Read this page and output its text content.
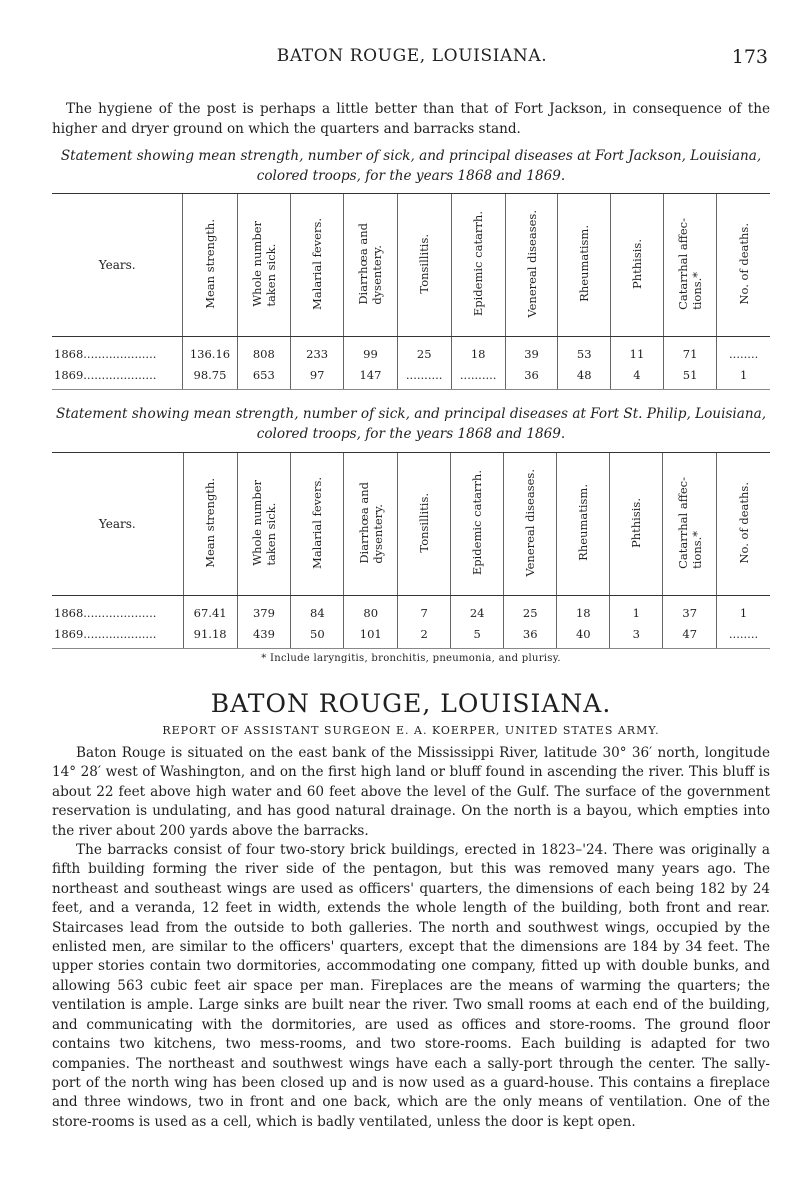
BATON ROUGE, LOUISIANA.	173
The hygiene of the post is perhaps a little better than that of Fort Jackson, in consequence of the higher and dryer ground on which the quarters and barracks stand.
Statement showing mean strength, number of sick, and principal diseases at Fort Jackson, Louisiana, colored troops, for the years 1868 and 1869.
Years.	Mean strength.	Whole number
taken sick.	Malarial fevers.	Diarrhœa and
dysentery.	Tonsillitis.	Epidemic catarrh.	Venereal diseases.	Rheumatism.	Phthisis.	Catarrhal affec-
tions.*	No. of deaths.
1868....................	136.16	808	233	99	25	18	39	53	11	71	........
1869....................	98.75	653	97	147	..........	..........	36	48	4	51	1
Statement showing mean strength, number of sick, and principal diseases at Fort St. Philip, Louisiana, colored troops, for the years 1868 and 1869.
Years.	Mean strength.	Whole number
taken sick.	Malarial fevers.	Diarrhœa and
dysentery.	Tonsillitis.	Epidemic catarrh.	Venereal diseases.	Rheumatism.	Phthisis.	Catarrhal affec-
tions.*	No. of deaths.
1868....................	67.41	379	84	80	7	24	25	18	1	37	1
1869....................	91.18	439	50	101	2	5	36	40	3	47	........
* Include laryngitis, bronchitis, pneumonia, and plurisy.
BATON ROUGE, LOUISIANA.
REPORT OF ASSISTANT SURGEON E. A. KOERPER, UNITED STATES ARMY.

Baton Rouge is situated on the east bank of the Mississippi River, latitude 30° 36′ north, longitude 14° 28′ west of Washington, and on the first high land or bluff found in ascending the river. This bluff is about 22 feet above high water and 60 feet above the level of the Gulf. The surface of the government reservation is undulating, and has good natural drainage. On the north is a bayou, which empties into the river about 200 yards above the barracks.

The barracks consist of four two-story brick buildings, erected in 1823–'24. There was originally a fifth building forming the river side of the pentagon, but this was removed many years ago. The northeast and southeast wings are used as officers' quarters, the dimensions of each being 182 by 24 feet, and a veranda, 12 feet in width, extends the whole length of the building, both front and rear. Staircases lead from the outside to both galleries. The north and southwest wings, occupied by the enlisted men, are similar to the officers' quarters, except that the dimensions are 184 by 34 feet. The upper stories contain two dormitories, accommodating one company, fitted up with double bunks, and allowing 563 cubic feet air space per man. Fireplaces are the means of warming the quarters; the ventilation is ample. Large sinks are built near the river. Two small rooms at each end of the building, and communicating with the dormitories, are used as offices and store-rooms. The ground floor contains two kitchens, two mess-rooms, and two store-rooms. Each building is adapted for two companies. The northeast and southwest wings have each a sally-port through the center. The sally-port of the north wing has been closed up and is now used as a guard-house. This contains a fireplace and three windows, two in front and one back, which are the only means of ventilation. One of the store-rooms is used as a cell, which is badly ventilated, unless the door is kept open.
